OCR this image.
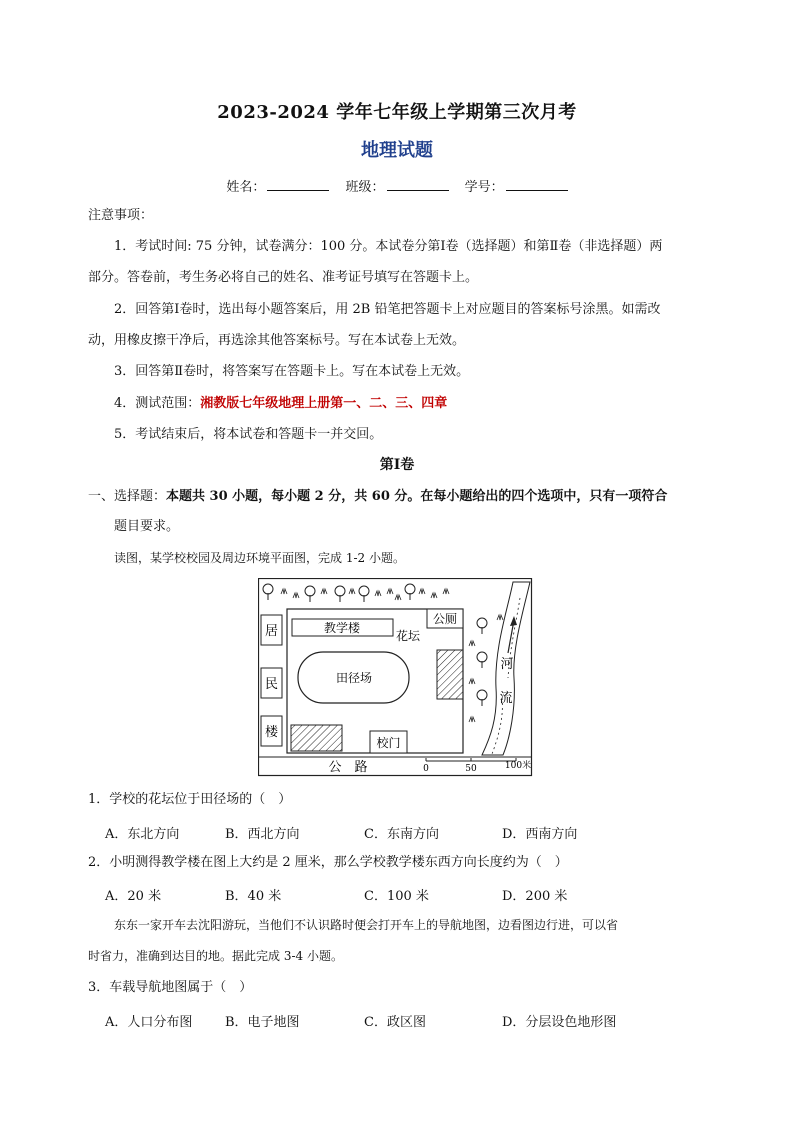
2023-2024 学年七年级上学期第三次月考
地理试题
姓名：	班级：	学号：
注意事项：
1．考试时间: 75 分钟，试卷满分：100 分。本试卷分第Ⅰ卷（选择题）和第Ⅱ卷（非选择题）两
部分。答卷前，考生务必将自己的姓名、准考证号填写在答题卡上。
2．回答第Ⅰ卷时，选出每小题答案后，用 2B 铅笔把答题卡上对应题目的答案标号涂黑。如需改
动，用橡皮擦干净后，再选涂其他答案标号。写在本试卷上无效。
3．回答第Ⅱ卷时，将答案写在答题卡上。写在本试卷上无效。
4．测试范围：湘教版七年级地理上册第一、二、三、四章
5．考试结束后，将本试卷和答题卡一并交回。
第Ⅰ卷
一、选择题：本题共 30 小题，每小题 2 分，共 60 分。在每小题给出的四个选项中，只有一项符合
题目要求。
读图，某学校校园及周边环境平面图，完成 1-2 小题。
居
民
楼
教学楼
公厕
花坛
田径场
校门
公　路
河
流
0	50	100米
1．学校的花坛位于田径场的（　）
A．东北方向	B．西北方向	C．东南方向	D．西南方向
2．小明测得教学楼在图上大约是 2 厘米，那么学校教学楼东西方向长度约为（　）
A．20 米	B．40 米	C．100 米	D．200 米
东东一家开车去沈阳游玩，当他们不认识路时便会打开车上的导航地图，边看图边行进，可以省
时省力，准确到达目的地。据此完成 3-4 小题。
3．车载导航地图属于（　）
A．人口分布图	B．电子地图	C．政区图	D．分层设色地形图
